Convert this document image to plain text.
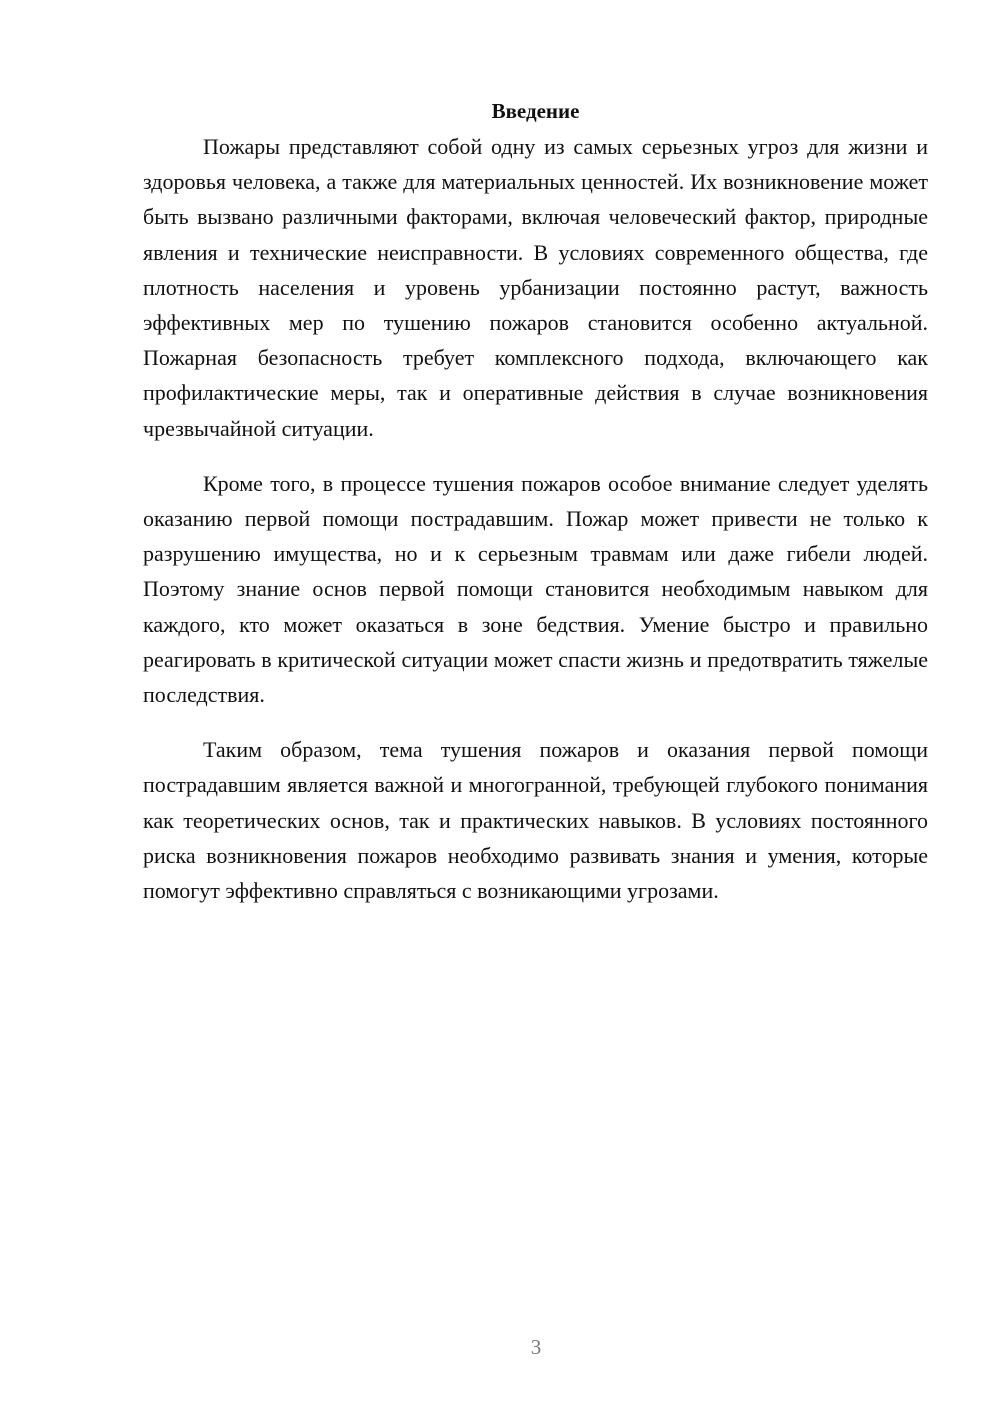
Введение

Пожары представляют собой одну из самых серьезных угроз для жизни и здоровья человека, а также для материальных ценностей. Их возникновение может быть вызвано различными факторами, включая человеческий фактор, природные явления и технические неисправности. В условиях современного общества, где плотность населения и уровень урбанизации постоянно растут, важность эффективных мер по тушению пожаров становится особенно актуальной. Пожарная безопасность требует комплексного подхода, включающего как профилактические меры, так и оперативные действия в случае возникновения чрезвычайной ситуации.

Кроме того, в процессе тушения пожаров особое внимание следует уделять оказанию первой помощи пострадавшим. Пожар может привести не только к разрушению имущества, но и к серьезным травмам или даже гибели людей. Поэтому знание основ первой помощи становится необходимым навыком для каждого, кто может оказаться в зоне бедствия. Умение быстро и правильно реагировать в критической ситуации может спасти жизнь и предотвратить тяжелые последствия.

Таким образом, тема тушения пожаров и оказания первой помощи пострадавшим является важной и многогранной, требующей глубокого понимания как теоретических основ, так и практических навыков. В условиях постоянного риска возникновения пожаров необходимо развивать знания и умения, которые помогут эффективно справляться с возникающими угрозами.

3
